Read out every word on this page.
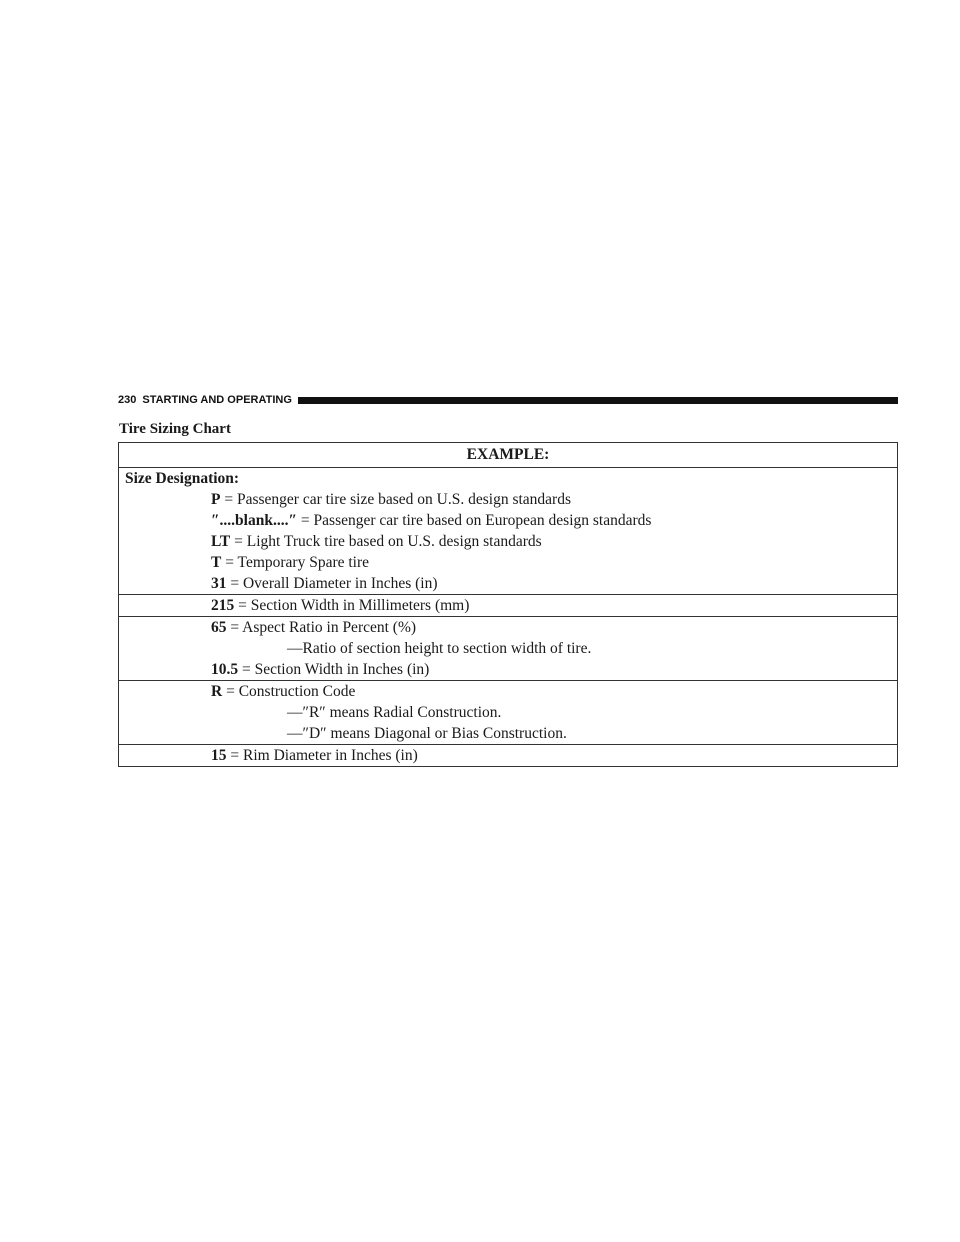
230 STARTING AND OPERATING
Tire Sizing Chart
EXAMPLE:

Size Designation:
P = Passenger car tire size based on U.S. design standards
″....blank....″ = Passenger car tire based on European design standards
LT = Light Truck tire based on U.S. design standards
T = Temporary Spare tire
31 = Overall Diameter in Inches (in)

215 = Section Width in Millimeters (mm)

65 = Aspect Ratio in Percent (%)
—Ratio of section height to section width of tire.
10.5 = Section Width in Inches (in)

R = Construction Code
—″R″ means Radial Construction.
—″D″ means Diagonal or Bias Construction.

15 = Rim Diameter in Inches (in)
